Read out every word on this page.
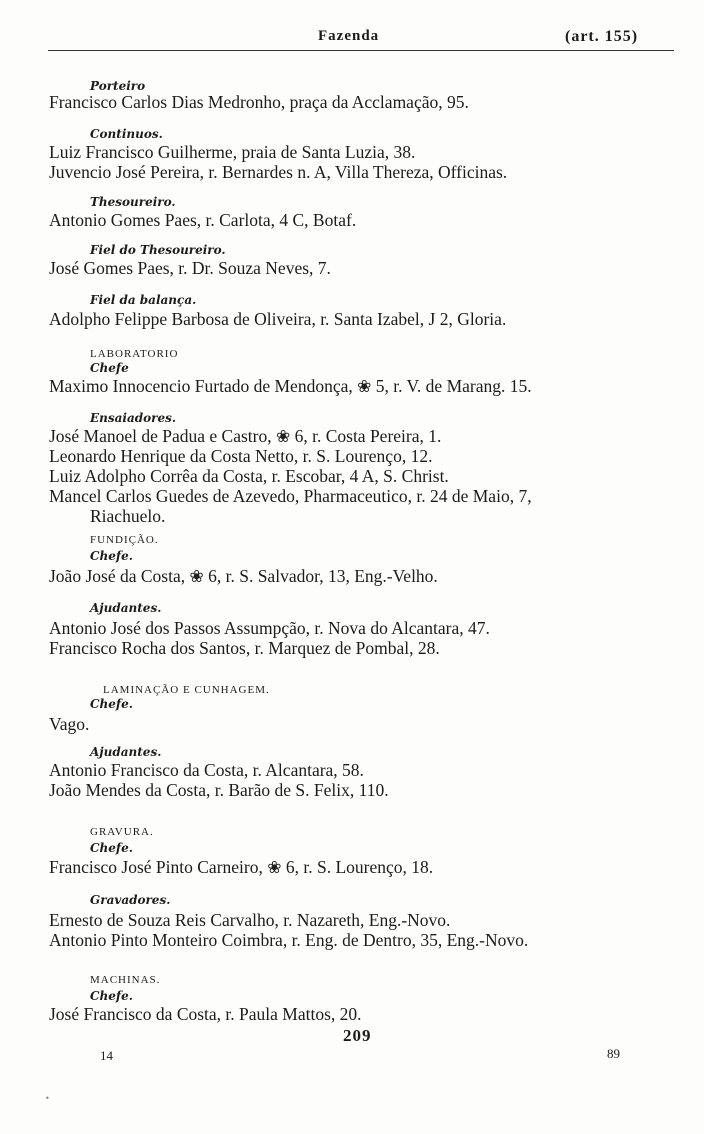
Fazenda	(art. 155)
Porteiro
Francisco Carlos Dias Medronho, praça da Acclamação, 95.
Continuos.
Luiz Francisco Guilherme, praia de Santa Luzia, 38.
Juvencio José Pereira, r. Bernardes n. A, Villa Thereza, Officinas.
Thesoureiro.
Antonio Gomes Paes, r. Carlota, 4 C, Botaf.
Fiel do Thesoureiro.
José Gomes Paes, r. Dr. Souza Neves, 7.
Fiel da balança.
Adolpho Felippe Barbosa de Oliveira, r. Santa Izabel, J 2, Gloria.
LABORATORIO
Chefe
Maximo Innocencio Furtado de Mendonça, ❀ 5, r. V. de Marang. 15.
Ensaiadores.
José Manoel de Padua e Castro, ❀ 6, r. Costa Pereira, 1.
Leonardo Henrique da Costa Netto, r. S. Lourenço, 12.
Luiz Adolpho Corrêa da Costa, r. Escobar, 4 A, S. Christ.
Mancel Carlos Guedes de Azevedo, Pharmaceutico, r. 24 de Maio, 7,
Riachuelo.
FUNDIÇÃO.
Chefe.
João José da Costa, ❀ 6, r. S. Salvador, 13, Eng.-Velho.
Ajudantes.
Antonio José dos Passos Assumpção, r. Nova do Alcantara, 47.
Francisco Rocha dos Santos, r. Marquez de Pombal, 28.
LAMINAÇÃO E CUNHAGEM.
Chefe.
Vago.
Ajudantes.
Antonio Francisco da Costa, r. Alcantara, 58.
João Mendes da Costa, r. Barão de S. Felix, 110.
GRAVURA.
Chefe.
Francisco José Pinto Carneiro, ❀ 6, r. S. Lourenço, 18.
Gravadores.
Ernesto de Souza Reis Carvalho, r. Nazareth, Eng.-Novo.
Antonio Pinto Monteiro Coimbra, r. Eng. de Dentro, 35, Eng.-Novo.
MACHINAS.
Chefe.
José Francisco da Costa, r. Paula Mattos, 20.
209
14	89
•
